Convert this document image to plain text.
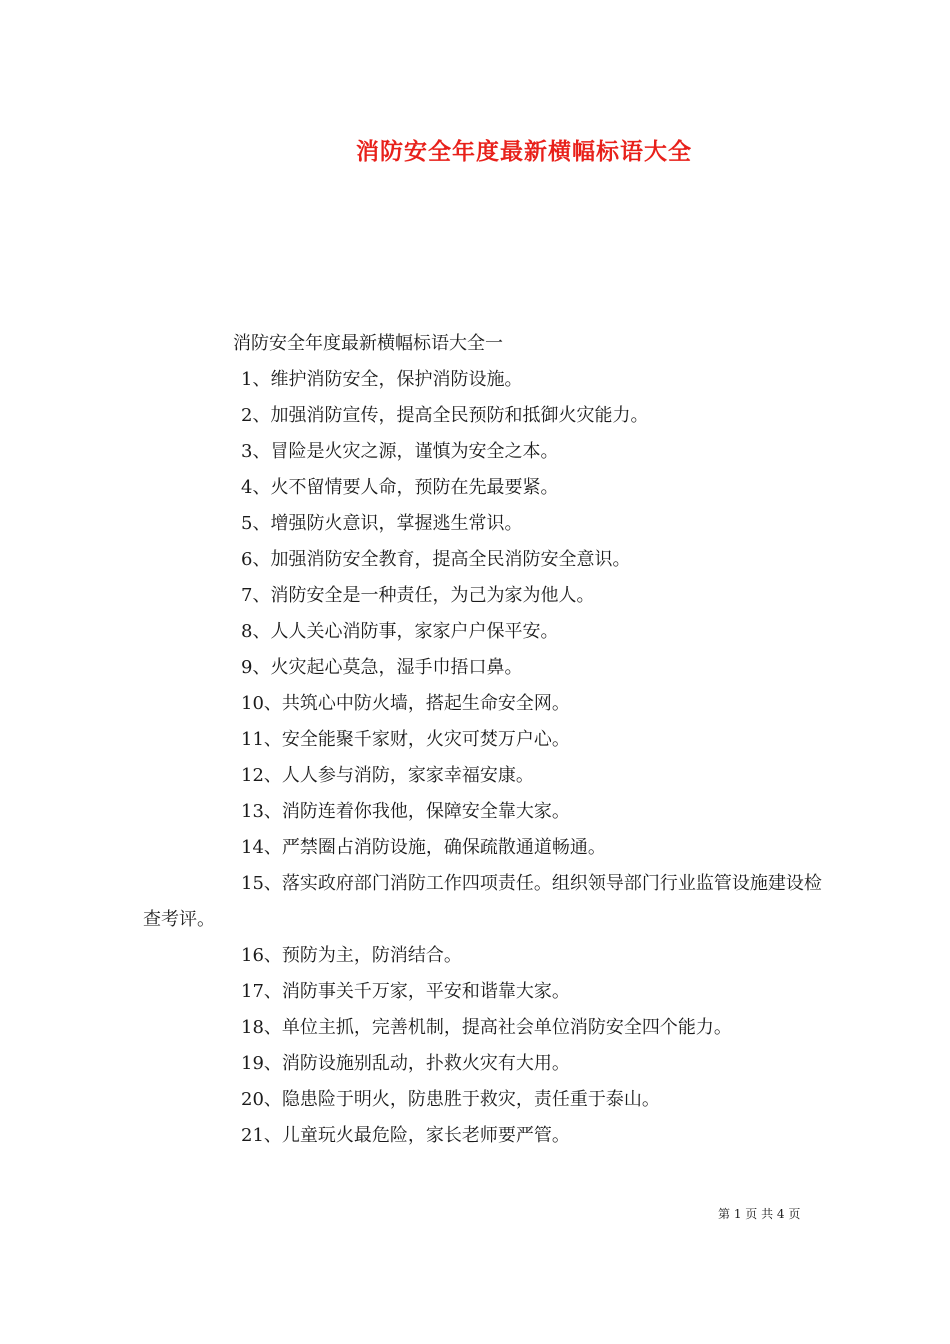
消防安全年度最新横幅标语大全
消防安全年度最新横幅标语大全一
1、维护消防安全，保护消防设施。
2、加强消防宣传，提高全民预防和抵御火灾能力。
3、冒险是火灾之源，谨慎为安全之本。
4、火不留情要人命，预防在先最要紧。
5、增强防火意识，掌握逃生常识。
6、加强消防安全教育，提高全民消防安全意识。
7、消防安全是一种责任，为己为家为他人。
8、人人关心消防事，家家户户保平安。
9、火灾起心莫急，湿手巾捂口鼻。
10、共筑心中防火墙，搭起生命安全网。
11、安全能聚千家财，火灾可焚万户心。
12、人人参与消防，家家幸福安康。
13、消防连着你我他，保障安全靠大家。
14、严禁圈占消防设施，确保疏散通道畅通。
15、落实政府部门消防工作四项责任。组织领导部门行业监管设施建设检查考评。
16、预防为主，防消结合。
17、消防事关千万家，平安和谐靠大家。
18、单位主抓，完善机制，提高社会单位消防安全四个能力。
19、消防设施别乱动，扑救火灾有大用。
20、隐患险于明火，防患胜于救灾，责任重于泰山。
21、儿童玩火最危险，家长老师要严管。
第 1 页 共 4 页
